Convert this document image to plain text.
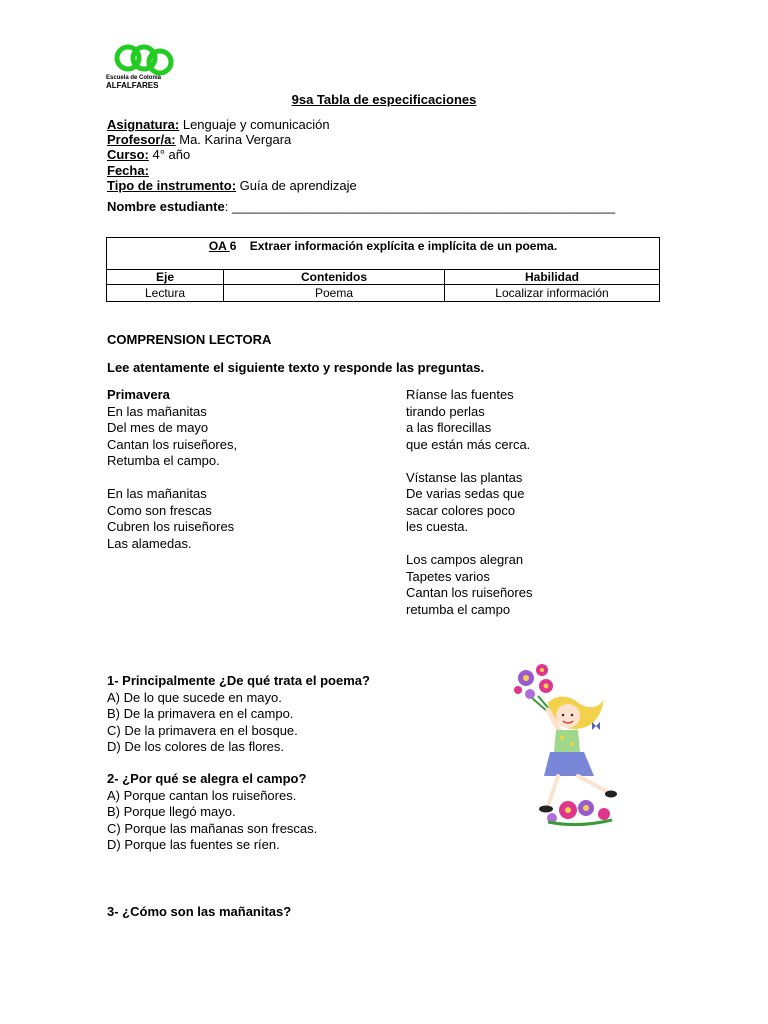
Escuela de Colonia
ALFALFARES
9sa Tabla de especificaciones
Asignatura: Lenguaje y comunicación
Profesor/a: Ma. Karina Vergara
Curso: 4° año
Fecha:
Tipo de instrumento: Guía de aprendizaje
Nombre estudiante: _____________________________________________________
OA 6 Extraer información explícita e implícita de un poema.		
Eje	Contenidos	Habilidad
Lectura	Poema	Localizar información
COMPRENSION LECTORA
Lee atentamente el siguiente texto y responde las preguntas.
Primavera
En las mañanitas
Del mes de mayo
Cantan los ruiseñores,
Retumba el campo.
En las mañanitas
Como son frescas
Cubren los ruiseñores
Las alamedas.
Ríanse las fuentes
tirando perlas
a las florecillas
que están más cerca.
Vístanse las plantas
De varias sedas que
sacar colores poco
les cuesta.
Los campos alegran
Tapetes varios
Cantan los ruiseñores
retumba el campo
1- Principalmente ¿De qué trata el poema?
A) De lo que sucede en mayo.
B) De la primavera en el campo.
C) De la primavera en el bosque.
D) De los colores de las flores.
2- ¿Por qué se alegra el campo?
A) Porque cantan los ruiseñores.
B) Porque llegó mayo.
C) Porque las mañanas son frescas.
D) Porque las fuentes se ríen.
3- ¿Cómo son las mañanitas?
